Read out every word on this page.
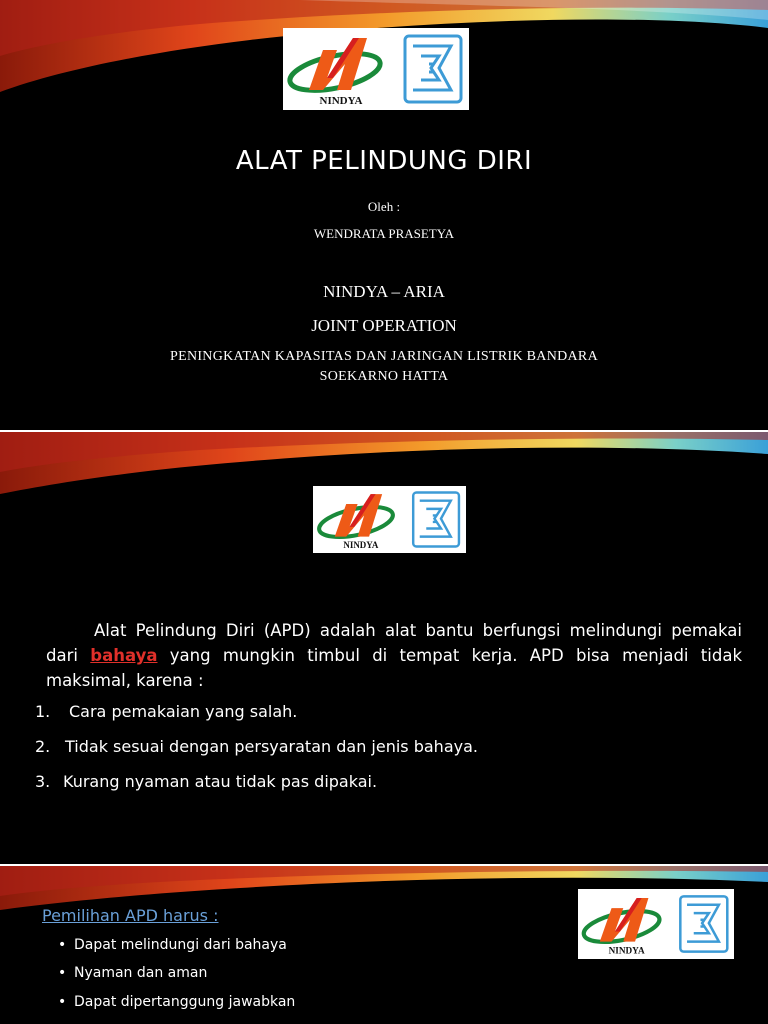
NINDYA
ALAT PELINDUNG DIRI
Oleh :
WENDRATA PRASETYA
NINDYA – ARIA
JOINT OPERATION
PENINGKATAN KAPASITAS DAN JARINGAN LISTRIK BANDARA
SOEKARNO HATTA
NINDYA
Alat Pelindung Diri (APD) adalah alat bantu berfungsi melindungi pemakai dari bahaya yang mungkin timbul di tempat kerja. APD bisa menjadi tidak maksimal, karena :
1. Cara pemakaian yang salah.
2. Tidak sesuai dengan persyaratan dan jenis bahaya.
3. Kurang nyaman atau tidak pas dipakai.
Pemilihan APD harus :
• Dapat melindungi dari bahaya
• Nyaman dan aman
• Dapat dipertanggung jawabkan
NINDYA
